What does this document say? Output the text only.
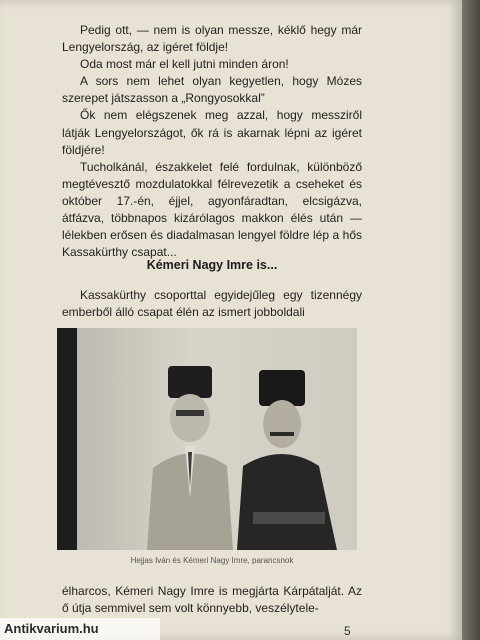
Pedig ott, — nem is olyan messze, kéklő hegy már Lengyelország, az igéret földje!

Oda most már el kell jutni minden áron!

A sors nem lehet olyan kegyetlen, hogy Mózes szerepet játszasson a „Rongyosokkal”

Ők nem elégszenek meg azzal, hogy messziről látják Lengyelországot, ők rá is akarnak lépni az igéret földjére!

Tucholkánál, északkelet felé fordulnak, különböző megtévesztő mozdulatokkal félrevezetik a cseheket és október 17.-én, éjjel, agyonfáradtan, elcsigázva, átfázva, többnapos kizárólagos makkon élés után — lélekben erősen és diadalmasan lengyel földre lép a hős Kassakürthy csapat...

Kémeri Nagy Imre is...

Kassakürthy csoporttal egyidejűleg egy tizennégy emberből álló csapat élén az ismert jobboldali

Hejjas Iván és Kémeri Nagy Imre, parancsnok

élharcos, Kémeri Nagy Imre is megjárta Kárpátalját. Az ő útja semmivel sem volt könnyebb, veszélytele-

5
Antikvarium.hu
